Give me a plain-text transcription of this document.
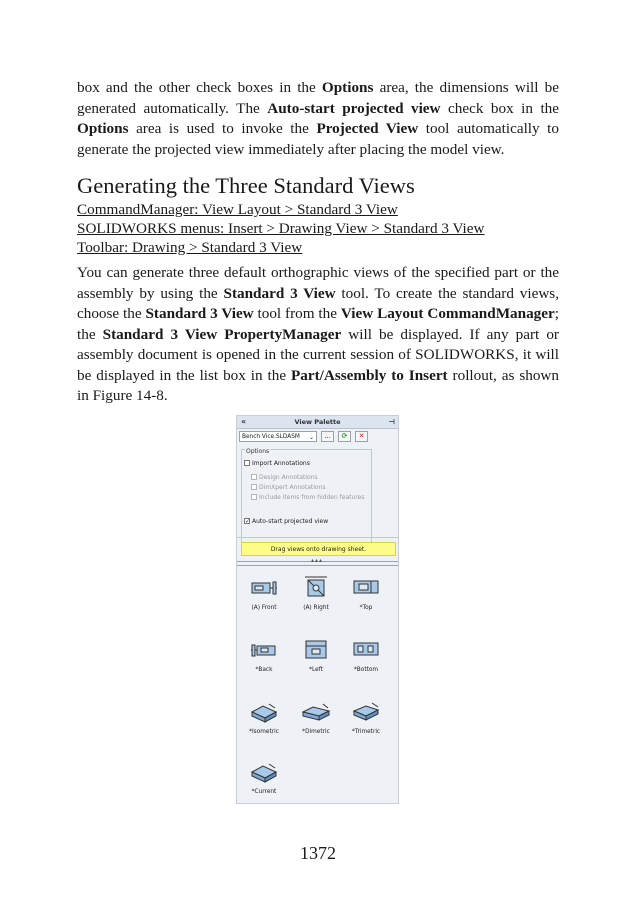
box and the other check boxes in the Options area, the dimensions will be generated automatically. The Auto-start projected view check box in the Options area is used to invoke the Projected View tool automatically to generate the projected view immediately after placing the model view.

Generating the Three Standard Views

CommandManager: View Layout > Standard 3 View

SOLIDWORKS menus: Insert > Drawing View > Standard 3 View

Toolbar: Drawing > Standard 3 View

You can generate three default orthographic views of the specified part or the assembly by using the Standard 3 View tool. To create the standard views, choose the Standard 3 View tool from the View Layout CommandManager; the Standard 3 View PropertyManager will be displayed. If any part or assembly document is opened in the current session of SOLIDWORKS, it will be displayed in the list box in the Part/Assembly to Insert rollout, as shown in Figure 14-8.

«	View Palette	⊣
Bench Vice.SLDASM ⌄	...	⟳	✕
Options
Import Annotations
Design Annotations
DimXpert Annotations
Include items from hidden features
✓ Auto-start projected view
Drag views onto drawing sheet.
▴▴▴
(A) Front	(A) Right	*Top
*Back	*Left	*Bottom
*Isometric	*Dimetric	*Trimetric
*Current
1372
